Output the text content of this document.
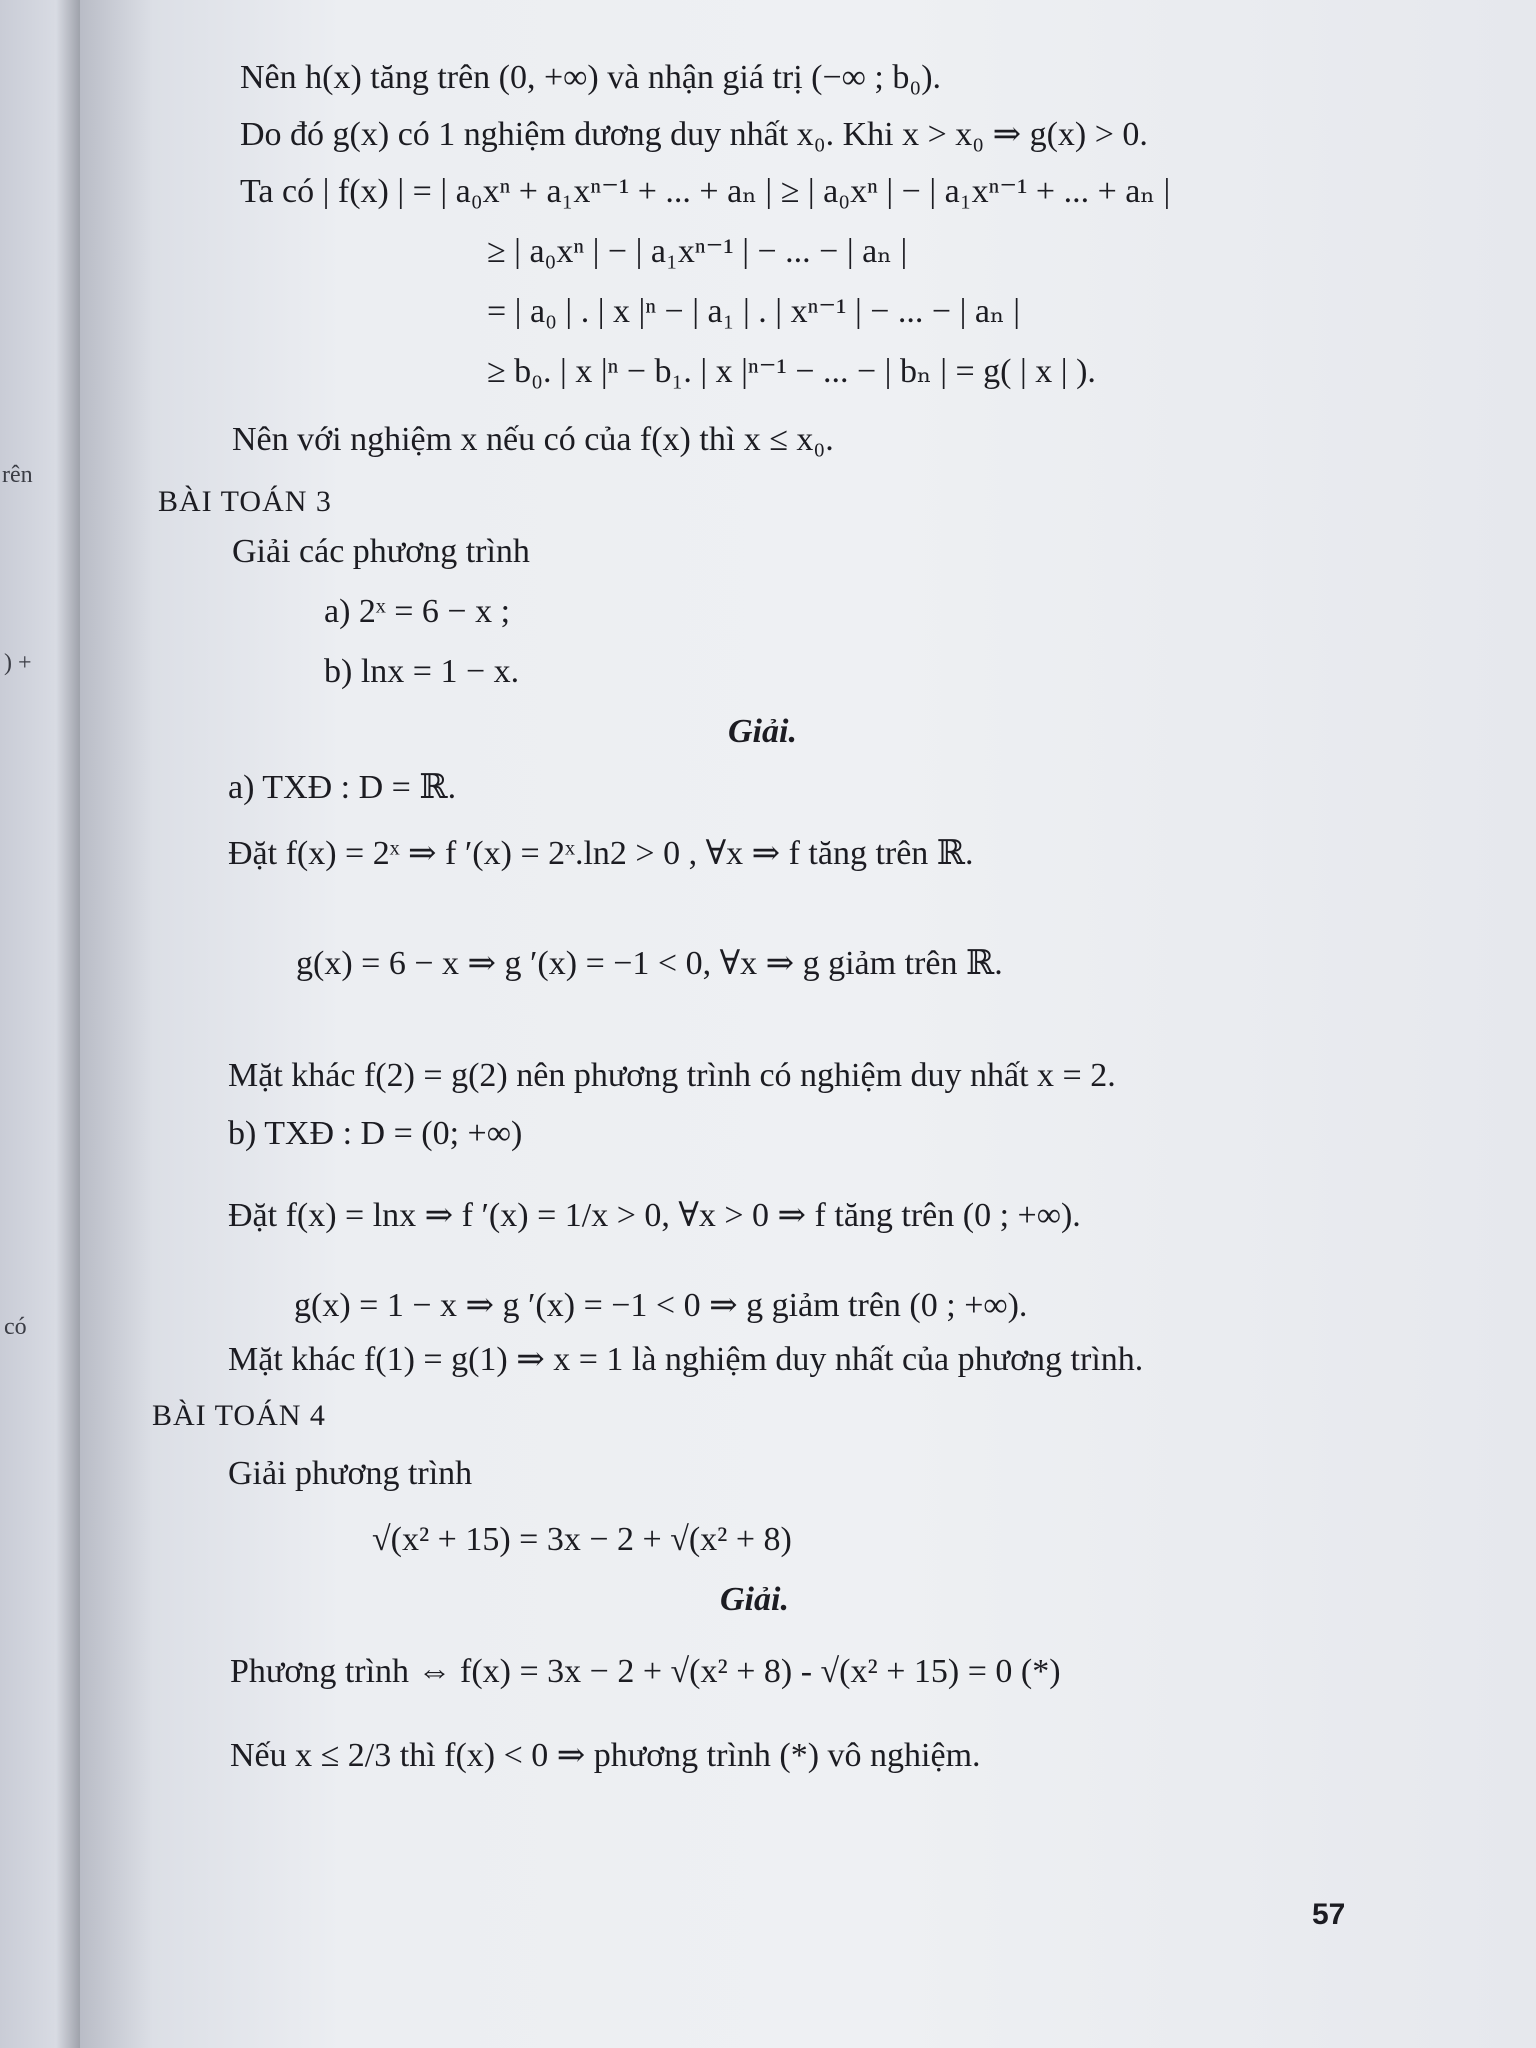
rên
) +
có
Nên h(x) tăng trên (0, +∞) và nhận giá trị (−∞ ; b₀).
Do đó g(x) có 1 nghiệm dương duy nhất x₀. Khi x > x₀ ⇒ g(x) > 0.
Ta có | f(x) | = | a₀xⁿ + a₁xⁿ⁻¹ + ... + aₙ | ≥ | a₀xⁿ | − | a₁xⁿ⁻¹ + ... + aₙ |
≥ | a₀xⁿ | − | a₁xⁿ⁻¹ | − ... − | aₙ |
= | a₀ | . | x |ⁿ − | a₁ | . | xⁿ⁻¹ | − ... − | aₙ |
≥ b₀. | x |ⁿ − b₁. | x |ⁿ⁻¹ − ... − | bₙ | = g( | x | ).
Nên với nghiệm x nếu có của f(x) thì x ≤ x₀.
BÀI TOÁN 3
Giải các phương trình
a) 2ˣ = 6 − x ;
b) lnx = 1 − x.
Giải.
a) TXĐ : D = ℝ.
Đặt f(x) = 2ˣ ⇒ f ′(x) = 2ˣ.ln2 > 0 , ∀x ⇒ f tăng trên ℝ.
g(x) = 6 − x ⇒ g ′(x) = −1 < 0, ∀x ⇒ g giảm trên ℝ.
Mặt khác f(2) = g(2) nên phương trình có nghiệm duy nhất x = 2.
b) TXĐ : D = (0; +∞)
Đặt f(x) = lnx ⇒ f ′(x) = 1/x > 0, ∀x > 0 ⇒ f tăng trên (0 ; +∞).
g(x) = 1 − x ⇒ g ′(x) = −1 < 0 ⇒ g giảm trên (0 ; +∞).
Mặt khác f(1) = g(1) ⇒ x = 1 là nghiệm duy nhất của phương trình.
BÀI TOÁN 4
Giải phương trình
√(x² + 15) = 3x − 2 + √(x² + 8)
Giải.
Phương trình ⇔ f(x) = 3x − 2 + √(x² + 8) - √(x² + 15) = 0 (*)
Nếu x ≤ 2/3 thì f(x) < 0 ⇒ phương trình (*) vô nghiệm.
57
